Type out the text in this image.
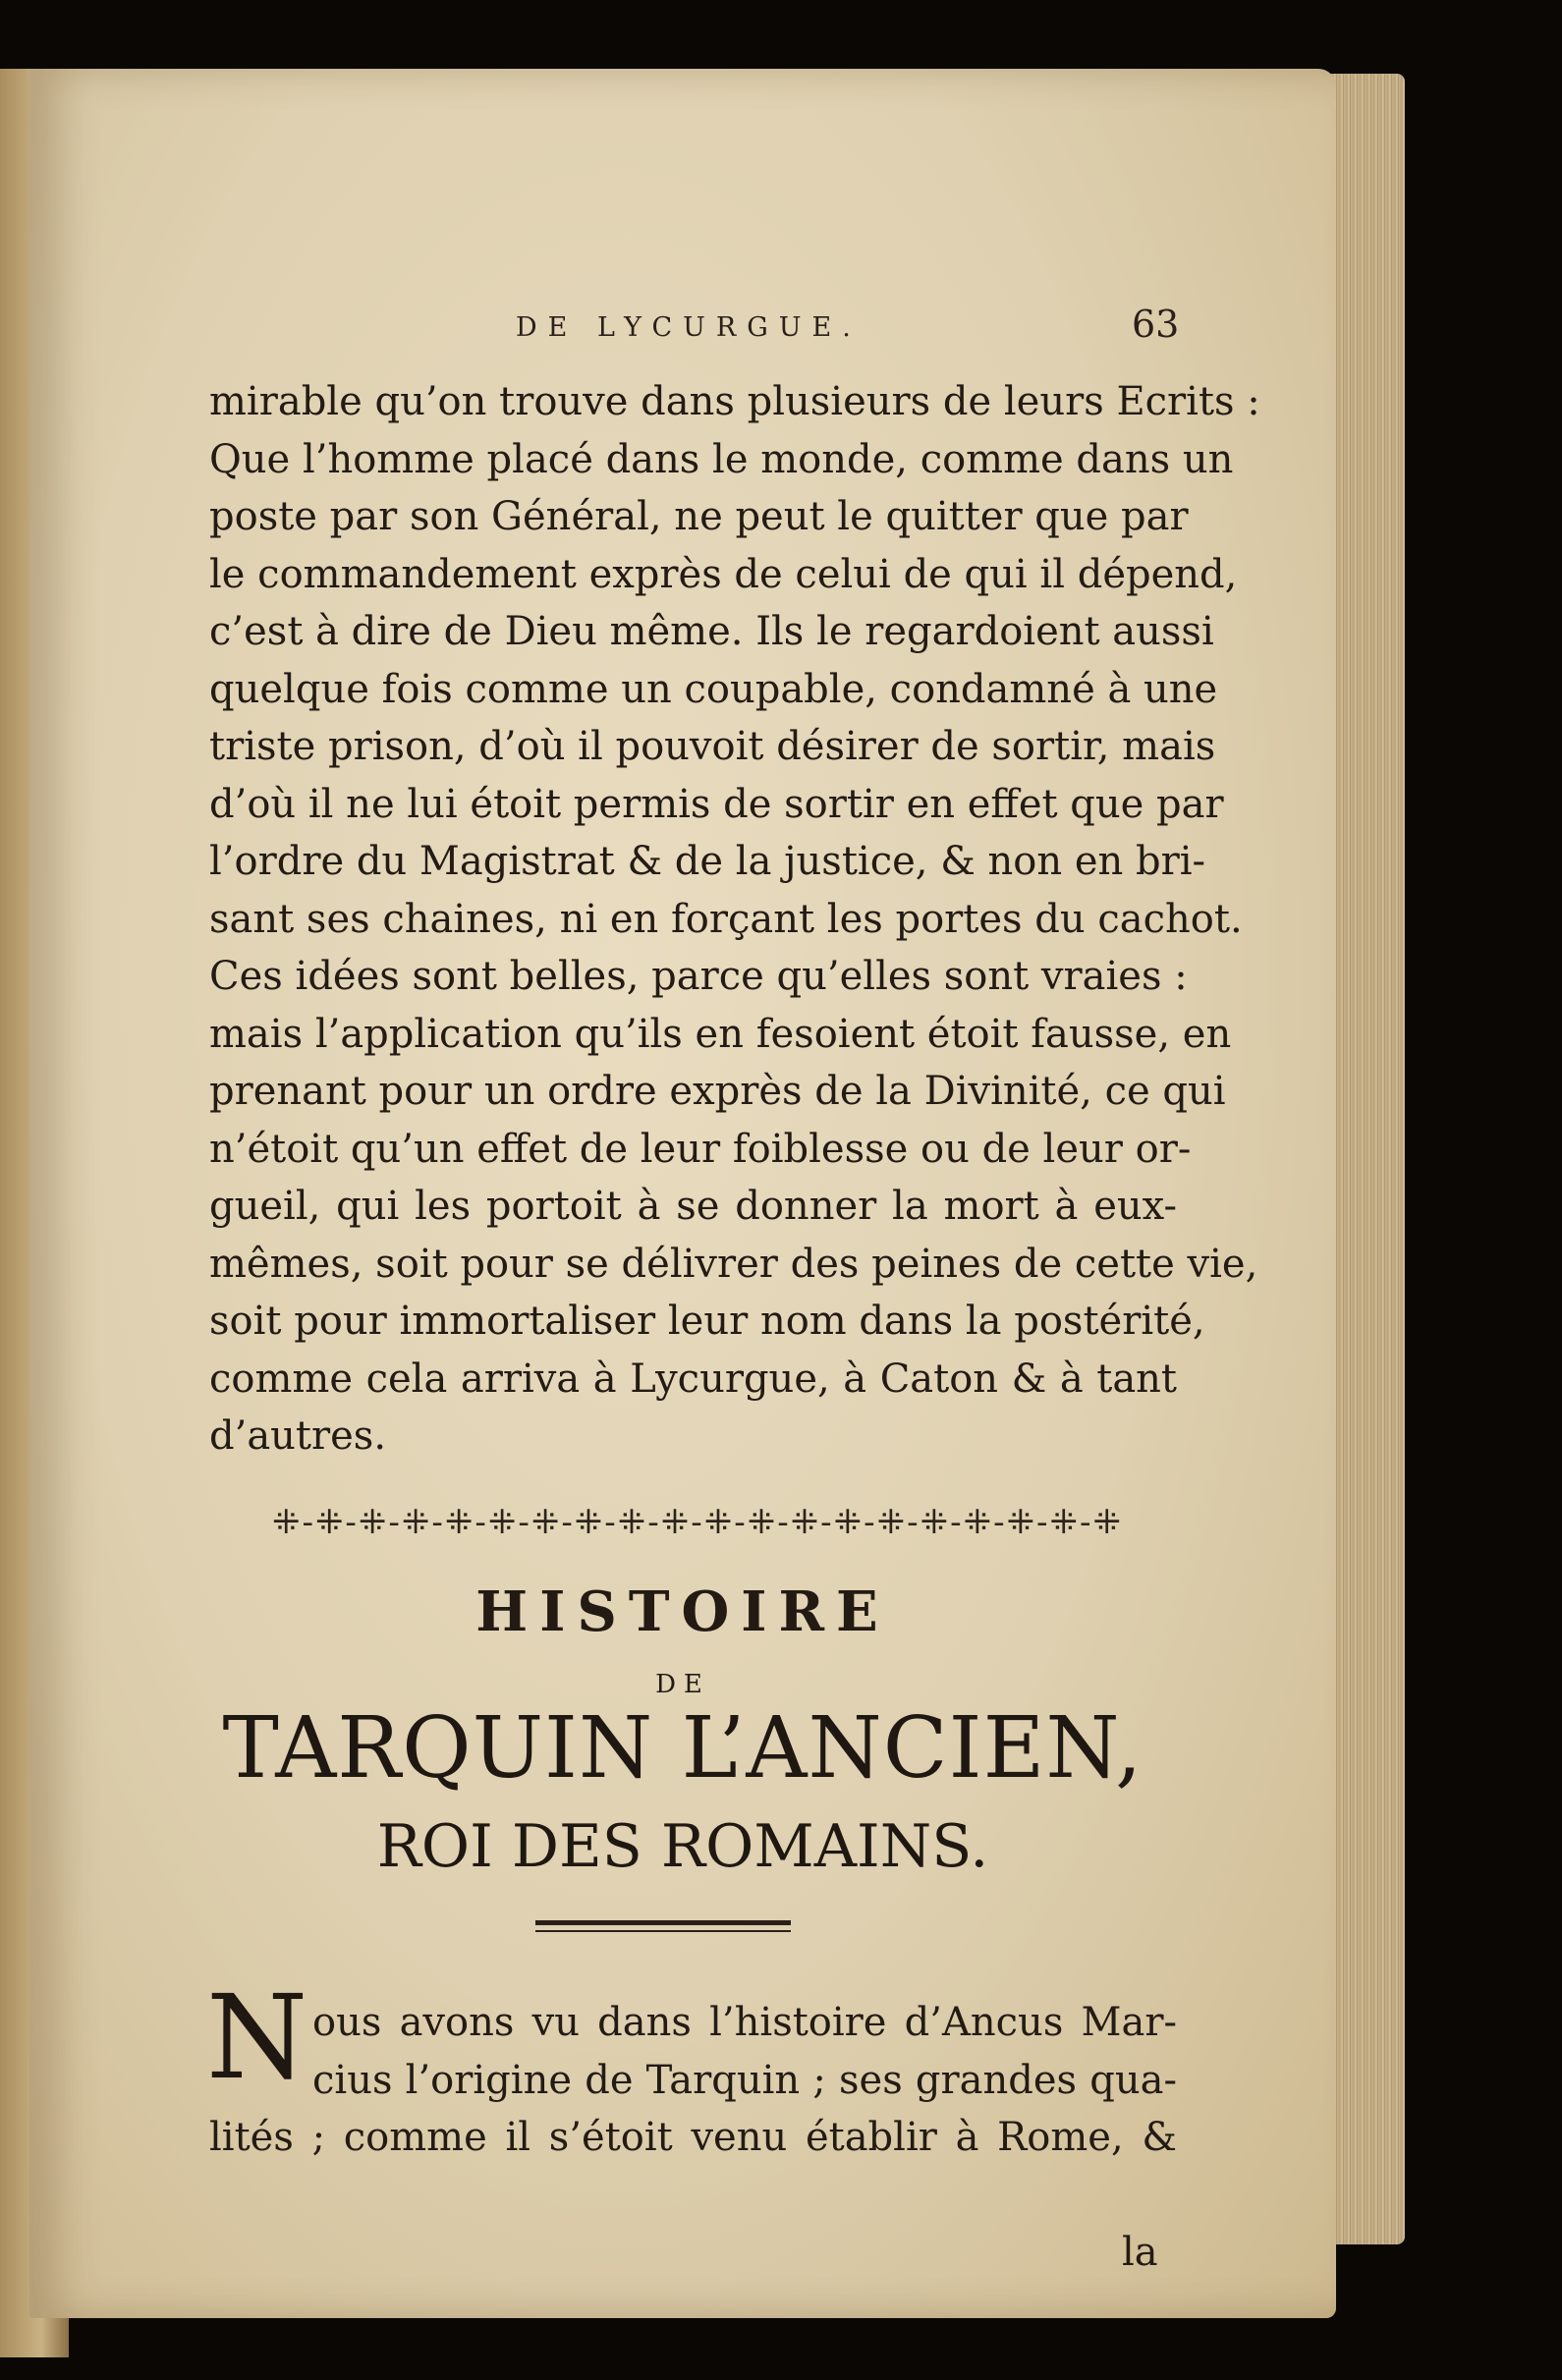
DE LYCURGUE.	63
mirable qu’on trouve dans plusieurs de leurs Ecrits :
Que l’homme placé dans le monde, comme dans un
poste par son Général, ne peut le quitter que par
le commandement exprès de celui de qui il dépend,
c’est à dire de Dieu même. Ils le regardoient aussi
quelque fois comme un coupable, condamné à une
triste prison, d’où il pouvoit désirer de sortir, mais
d’où il ne lui étoit permis de sortir en effet que par
l’ordre du Magistrat & de la justice, & non en bri-
sant ses chaines, ni en forçant les portes du cachot.
Ces idées sont belles, parce qu’elles sont vraies :
mais l’application qu’ils en fesoient étoit fausse, en
prenant pour un ordre exprès de la Divinité, ce qui
n’étoit qu’un effet de leur foiblesse ou de leur or-
gueil, qui les portoit à se donner la mort à eux-
mêmes, soit pour se délivrer des peines de cette vie,
soit pour immortaliser leur nom dans la postérité,
comme cela arriva à Lycurgue, à Caton & à tant
d’autres.
⁜-⁜-⁜-⁜-⁜-⁜-⁜-⁜-⁜-⁜-⁜-⁜-⁜-⁜-⁜-⁜-⁜-⁜-⁜-⁜
HISTOIRE
DE
TARQUIN L’ANCIEN,
ROI DES ROMAINS.
N ous avons vu dans l’histoire d’Ancus Mar-
cius l’origine de Tarquin ; ses grandes qua-
lités ; comme il s’étoit venu établir à Rome, &
la
